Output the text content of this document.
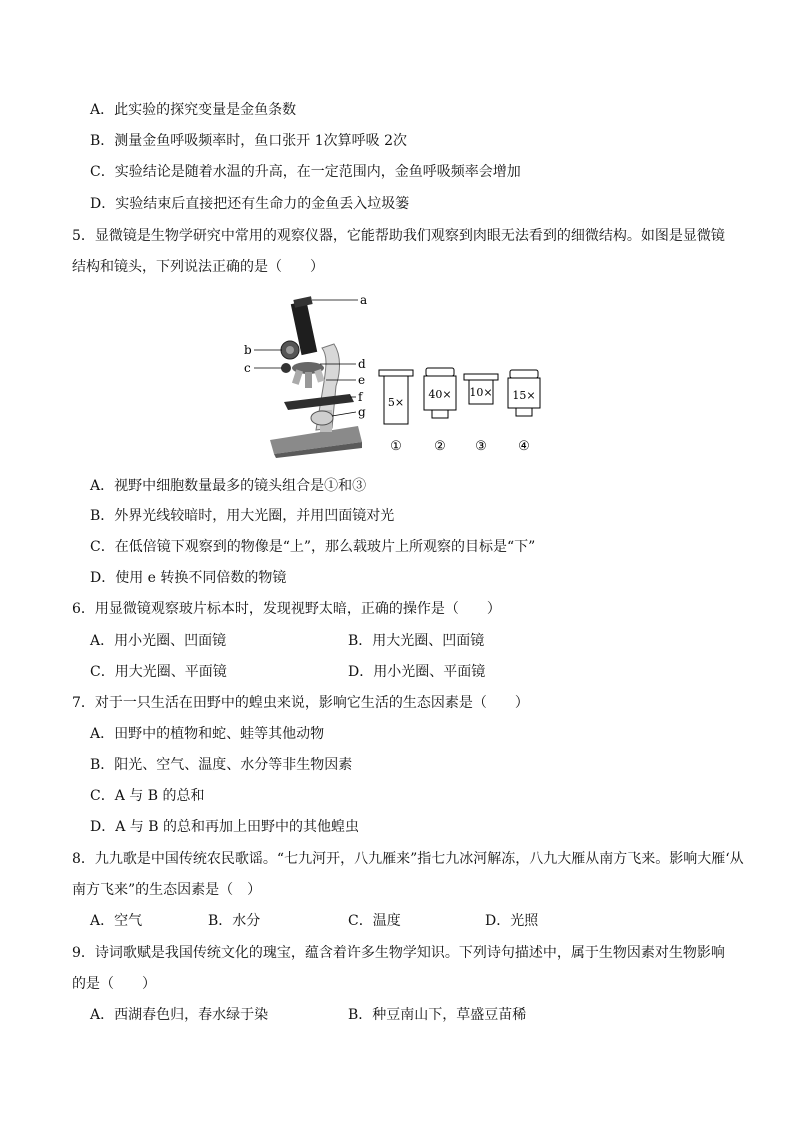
A．此实验的探究变量是金鱼条数
B．测量金鱼呼吸频率时，鱼口张开 1次算呼吸 2次
C．实验结论是随着水温的升高，在一定范围内，金鱼呼吸频率会增加
D．实验结束后直接把还有生命力的金鱼丢入垃圾篓
5．显微镜是生物学研究中常用的观察仪器，它能帮助我们观察到肉眼无法看到的细微结构。如图是显微镜
结构和镜头，下列说法正确的是（　　）
a
b
c	d
e
f
g
5×
40× 10× 15×
① ② ③ ④
A．视野中细胞数量最多的镜头组合是①和③
B．外界光线较暗时，用大光圈，并用凹面镜对光
C．在低倍镜下观察到的物像是“上”，那么载玻片上所观察的目标是“下”
D．使用 e 转换不同倍数的物镜
6．用显微镜观察玻片标本时，发现视野太暗，正确的操作是（　　）
A．用小光圈、凹面镜	B．用大光圈、凹面镜
C．用大光圈、平面镜	D．用小光圈、平面镜
7．对于一只生活在田野中的蝗虫来说，影响它生活的生态因素是（　　）
A．田野中的植物和蛇、蛙等其他动物
B．阳光、空气、温度、水分等非生物因素
C．A 与 B 的总和
D．A 与 B 的总和再加上田野中的其他蝗虫
8．九九歌是中国传统农民歌谣。“七九河开，八九雁来”指七九冰河解冻，八九大雁从南方飞来。影响大雁‘从
南方飞来”的生态因素是（　）
A．空气	B．水分	C．温度	D．光照
9．诗词歌赋是我国传统文化的瑰宝，蕴含着许多生物学知识。下列诗句描述中，属于生物因素对生物影响
的是（　　）
A．西湖春色归，春水绿于染	B．种豆南山下，草盛豆苗稀
